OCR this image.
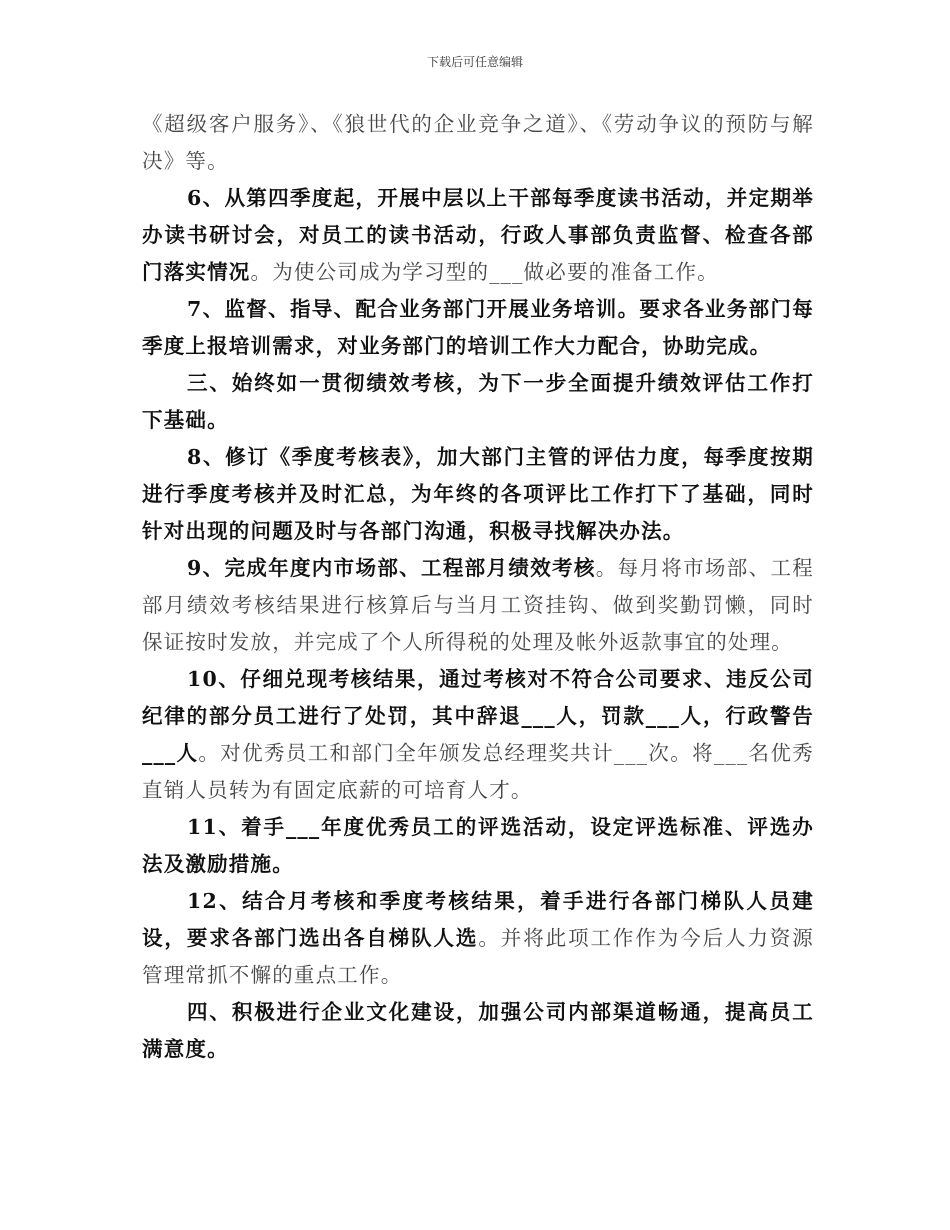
下载后可任意编辑

《超级客户服务》、《狼世代的企业竞争之道》、《劳动争议的预防与解决》等。

6、从第四季度起，开展中层以上干部每季度读书活动，并定期举办读书研讨会，对员工的读书活动，行政人事部负责监督、检查各部门落实情况。为使公司成为学习型的___做必要的准备工作。

7、监督、指导、配合业务部门开展业务培训。要求各业务部门每季度上报培训需求，对业务部门的培训工作大力配合，协助完成。

三、始终如一贯彻绩效考核，为下一步全面提升绩效评估工作打下基础。

8、修订《季度考核表》，加大部门主管的评估力度，每季度按期进行季度考核并及时汇总，为年终的各项评比工作打下了基础，同时针对出现的问题及时与各部门沟通，积极寻找解决办法。

9、完成年度内市场部、工程部月绩效考核。每月将市场部、工程部月绩效考核结果进行核算后与当月工资挂钩、做到奖勤罚懒，同时保证按时发放，并完成了个人所得税的处理及帐外返款事宜的处理。

10、仔细兑现考核结果，通过考核对不符合公司要求、违反公司纪律的部分员工进行了处罚，其中辞退___人，罚款___人，行政警告___人。对优秀员工和部门全年颁发总经理奖共计___次。将___名优秀直销人员转为有固定底薪的可培育人才。

11、着手___年度优秀员工的评选活动，设定评选标准、评选办法及激励措施。

12、结合月考核和季度考核结果，着手进行各部门梯队人员建设，要求各部门选出各自梯队人选。并将此项工作作为今后人力资源管理常抓不懈的重点工作。

四、积极进行企业文化建设，加强公司内部渠道畅通，提高员工满意度。
